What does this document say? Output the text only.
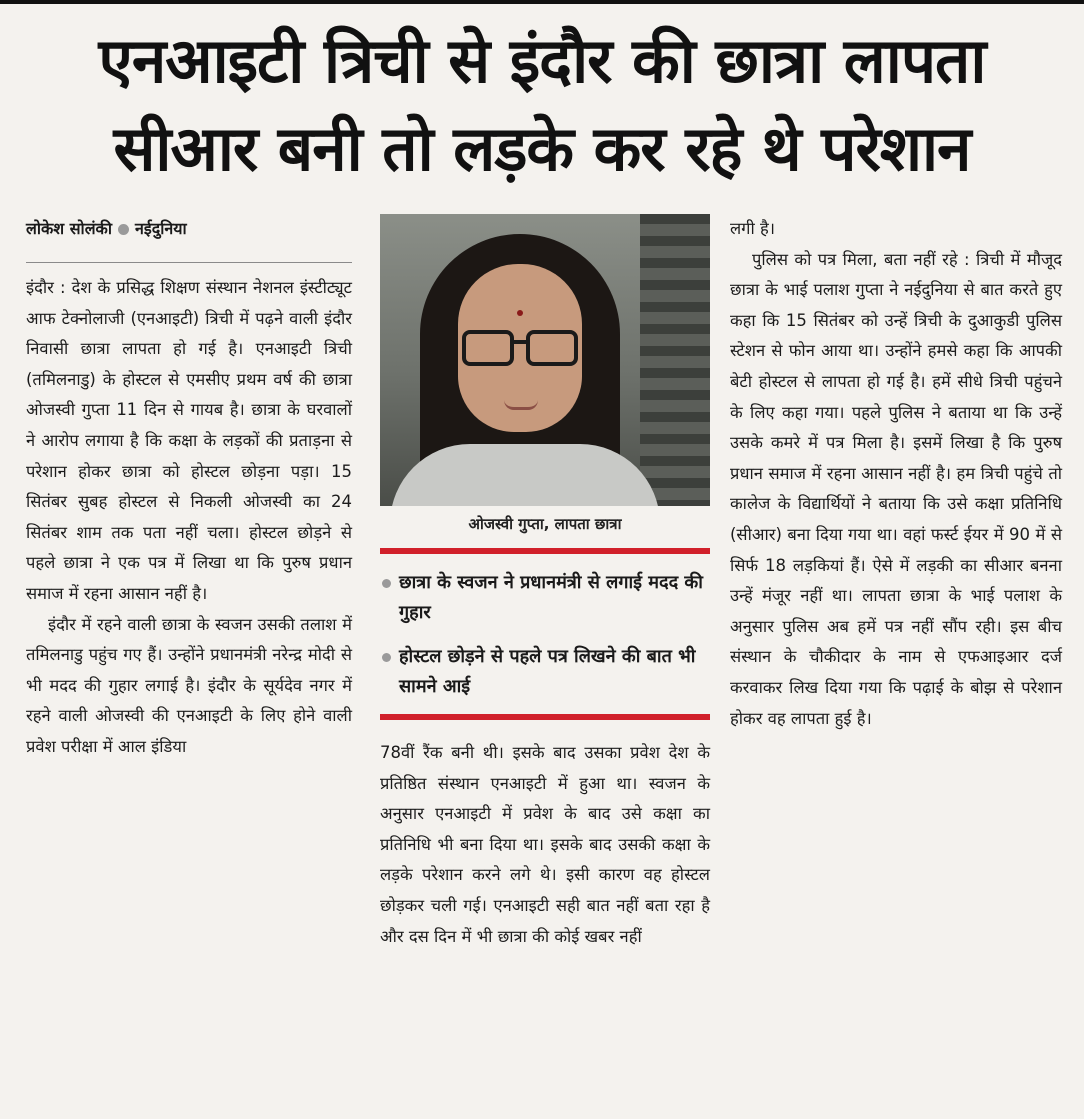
एनआइटी त्रिची से इंदौर की छात्रा लापता
सीआर बनी तो लड़के कर रहे थे परेशान
लोकेश सोलंकी नईदुनिया

इंदौर : देश के प्रसिद्ध शिक्षण संस्थान नेशनल इंस्टीट्यूट आफ टेक्नोलाजी (एनआइटी) त्रिची में पढ़ने वाली इंदौर निवासी छात्रा लापता हो गई है। एनआइटी त्रिची (तमिलनाडु) के होस्टल से एमसीए प्रथम वर्ष की छात्रा ओजस्वी गुप्ता 11 दिन से गायब है। छात्रा के घरवालों ने आरोप लगाया है कि कक्षा के लड़कों की प्रताड़ना से परेशान होकर छात्रा को होस्टल छोड़ना पड़ा। 15 सितंबर सुबह होस्टल से निकली ओजस्वी का 24 सितंबर शाम तक पता नहीं चला। होस्टल छोड़ने से पहले छात्रा ने एक पत्र में लिखा था कि पुरुष प्रधान समाज में रहना आसान नहीं है।

इंदौर में रहने वाली छात्रा के स्वजन उसकी तलाश में तमिलनाडु पहुंच गए हैं। उन्होंने प्रधानमंत्री नरेन्द्र मोदी से भी मदद की गुहार लगाई है। इंदौर के सूर्यदेव नगर में रहने वाली ओजस्वी की एनआइटी के लिए होने वाली प्रवेश परीक्षा में आल इंडिया

ओजस्वी गुप्ता, लापता छात्रा
छात्रा के स्वजन ने प्रधानमंत्री से लगाई मदद की गुहार
होस्टल छोड़ने से पहले पत्र लिखने की बात भी सामने आई

78वीं रैंक बनी थी। इसके बाद उसका प्रवेश देश के प्रतिष्ठित संस्थान एनआइटी में हुआ था। स्वजन के अनुसार एनआइटी में प्रवेश के बाद उसे कक्षा का प्रतिनिधि भी बना दिया था। इसके बाद उसकी कक्षा के लड़के परेशान करने लगे थे। इसी कारण वह होस्टल छोड़कर चली गई। एनआइटी सही बात नहीं बता रहा है और दस दिन में भी छात्रा की कोई खबर नहीं

लगी है।

पुलिस को पत्र मिला, बता नहीं रहे : त्रिची में मौजूद छात्रा के भाई पलाश गुप्ता ने नईदुनिया से बात करते हुए कहा कि 15 सितंबर को उन्हें त्रिची के दुआकुडी पुलिस स्टेशन से फोन आया था। उन्होंने हमसे कहा कि आपकी बेटी होस्टल से लापता हो गई है। हमें सीधे त्रिची पहुंचने के लिए कहा गया। पहले पुलिस ने बताया था कि उन्हें उसके कमरे में पत्र मिला है। इसमें लिखा है कि पुरुष प्रधान समाज में रहना आसान नहीं है। हम त्रिची पहुंचे तो कालेज के विद्यार्थियों ने बताया कि उसे कक्षा प्रतिनिधि (सीआर) बना दिया गया था। वहां फर्स्ट ईयर में 90 में से सिर्फ 18 लड़कियां हैं। ऐसे में लड़की का सीआर बनना उन्हें मंजूर नहीं था। लापता छात्रा के भाई पलाश के अनुसार पुलिस अब हमें पत्र नहीं सौंप रही। इस बीच संस्थान के चौकीदार के नाम से एफआइआर दर्ज करवाकर लिख दिया गया कि पढ़ाई के बोझ से परेशान होकर वह लापता हुई है।
